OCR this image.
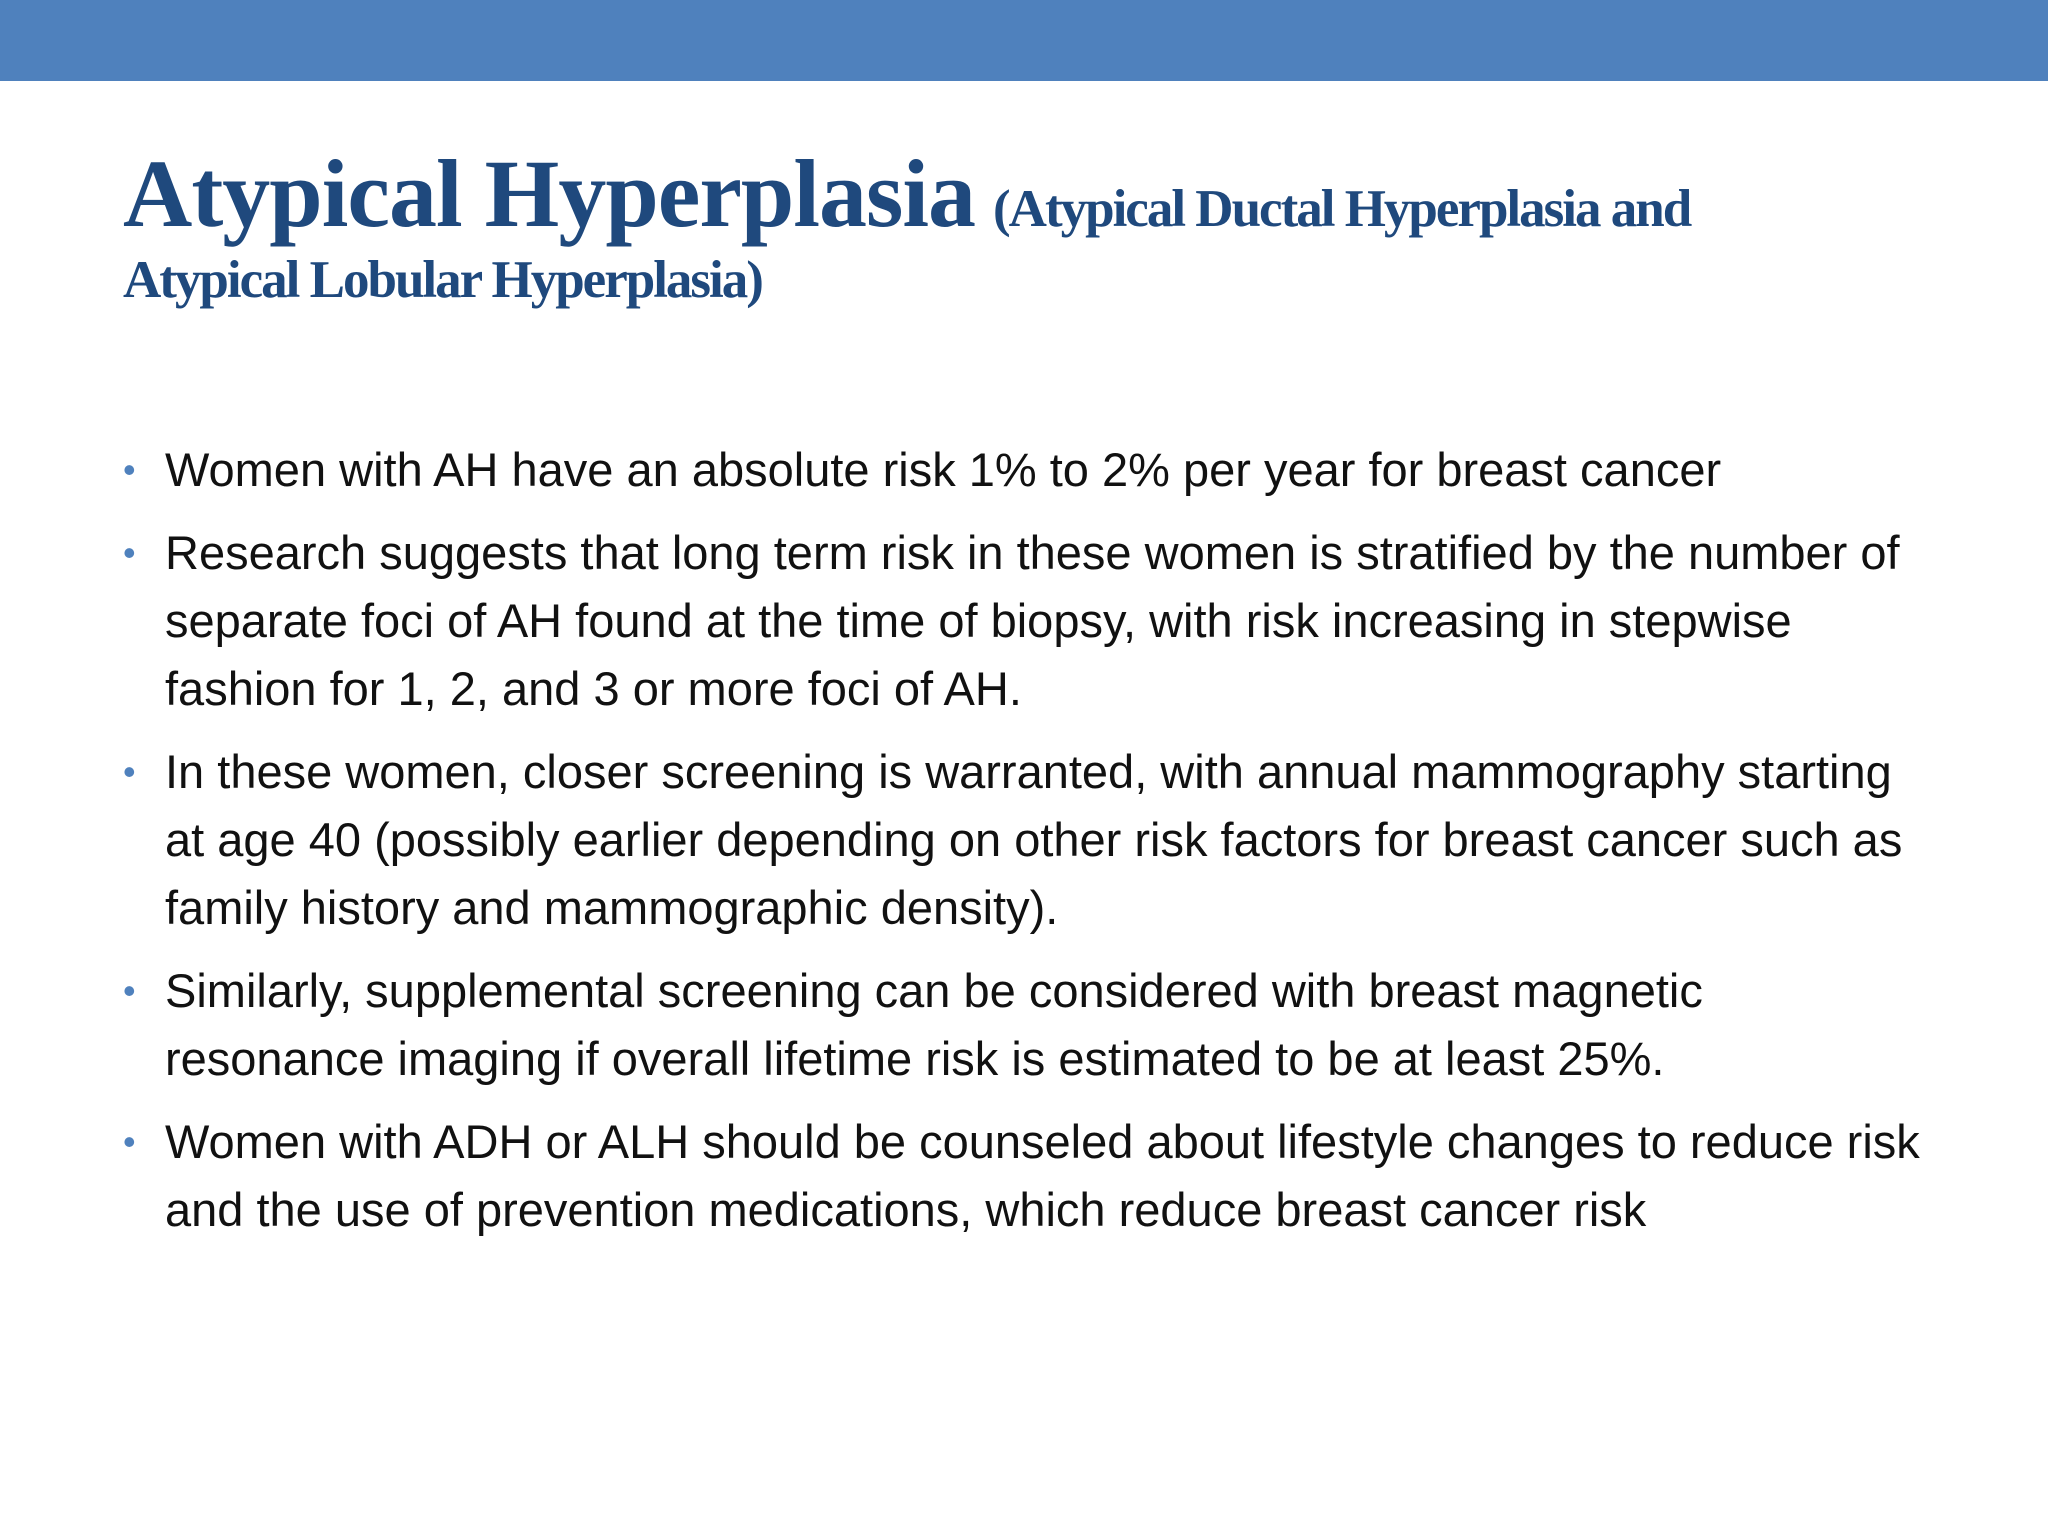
Atypical Hyperplasia (Atypical Ductal Hyperplasia and
Atypical Lobular Hyperplasia)
• Women with AH have an absolute risk 1% to 2% per year for breast cancer
• Research suggests that long term risk in these women is stratified by the number of separate foci of AH found at the time of biopsy, with risk increasing in stepwise fashion for 1, 2, and 3 or more foci of AH.
• In these women, closer screening is warranted, with annual mammography starting at age 40 (possibly earlier depending on other risk factors for breast cancer such as family history and mammographic density).
• Similarly, supplemental screening can be considered with breast magnetic resonance imaging if overall lifetime risk is estimated to be at least 25%.
• Women with ADH or ALH should be counseled about lifestyle changes to reduce risk and the use of prevention medications, which reduce breast cancer risk
